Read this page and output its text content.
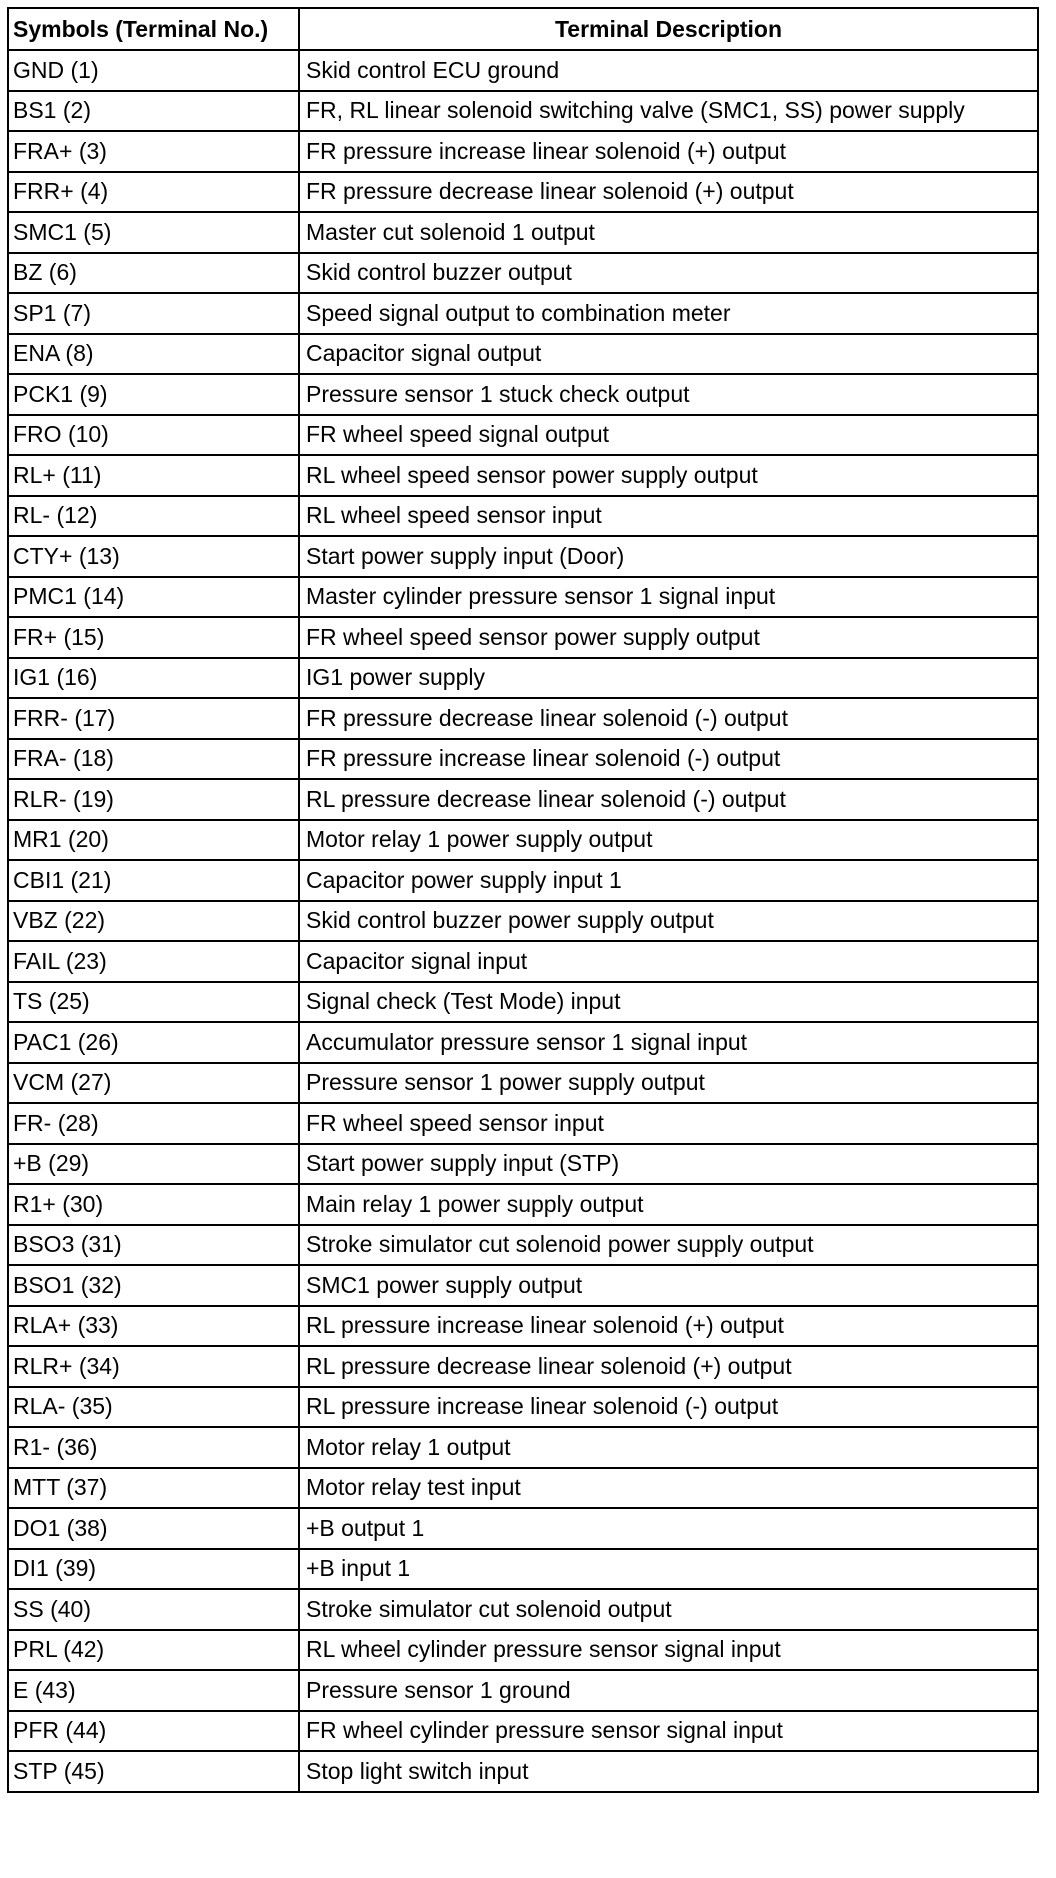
Symbols (Terminal No.)	Terminal Description
GND (1)	Skid control ECU ground
BS1 (2)	FR, RL linear solenoid switching valve (SMC1, SS) power supply
FRA+ (3)	FR pressure increase linear solenoid (+) output
FRR+ (4)	FR pressure decrease linear solenoid (+) output
SMC1 (5)	Master cut solenoid 1 output
BZ (6)	Skid control buzzer output
SP1 (7)	Speed signal output to combination meter
ENA (8)	Capacitor signal output
PCK1 (9)	Pressure sensor 1 stuck check output
FRO (10)	FR wheel speed signal output
RL+ (11)	RL wheel speed sensor power supply output
RL- (12)	RL wheel speed sensor input
CTY+ (13)	Start power supply input (Door)
PMC1 (14)	Master cylinder pressure sensor 1 signal input
FR+ (15)	FR wheel speed sensor power supply output
IG1 (16)	IG1 power supply
FRR- (17)	FR pressure decrease linear solenoid (-) output
FRA- (18)	FR pressure increase linear solenoid (-) output
RLR- (19)	RL pressure decrease linear solenoid (-) output
MR1 (20)	Motor relay 1 power supply output
CBI1 (21)	Capacitor power supply input 1
VBZ (22)	Skid control buzzer power supply output
FAIL (23)	Capacitor signal input
TS (25)	Signal check (Test Mode) input
PAC1 (26)	Accumulator pressure sensor 1 signal input
VCM (27)	Pressure sensor 1 power supply output
FR- (28)	FR wheel speed sensor input
+B (29)	Start power supply input (STP)
R1+ (30)	Main relay 1 power supply output
BSO3 (31)	Stroke simulator cut solenoid power supply output
BSO1 (32)	SMC1 power supply output
RLA+ (33)	RL pressure increase linear solenoid (+) output
RLR+ (34)	RL pressure decrease linear solenoid (+) output
RLA- (35)	RL pressure increase linear solenoid (-) output
R1- (36)	Motor relay 1 output
MTT (37)	Motor relay test input
DO1 (38)	+B output 1
DI1 (39)	+B input 1
SS (40)	Stroke simulator cut solenoid output
PRL (42)	RL wheel cylinder pressure sensor signal input
E (43)	Pressure sensor 1 ground
PFR (44)	FR wheel cylinder pressure sensor signal input
STP (45)	Stop light switch input
